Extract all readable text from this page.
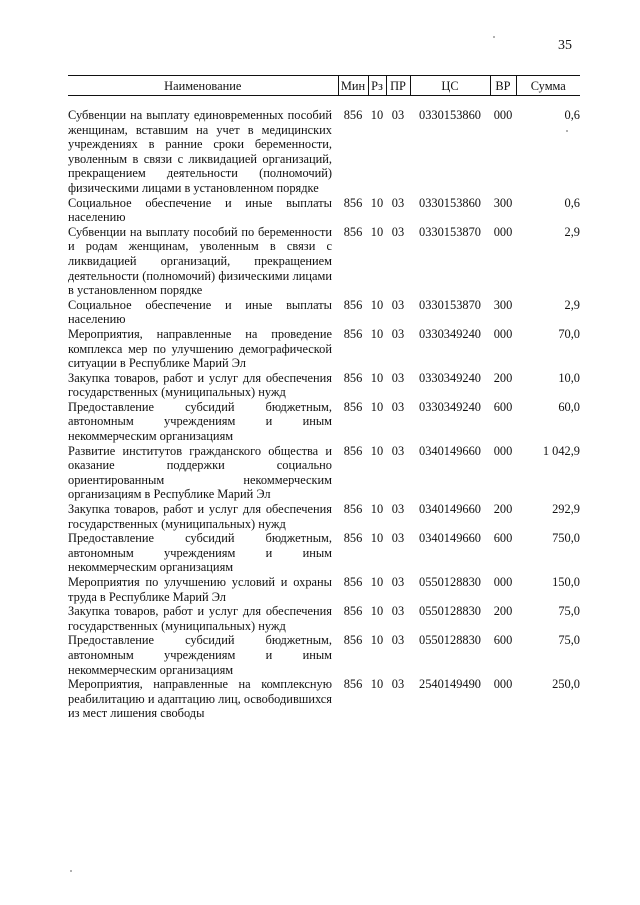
35
Наименование	Мин	Рз	ПР	ЦС	ВР	Сумма
Субвенции на выплату единовременных пособий женщинам, вставшим на учет в медицинских учреждениях в ранние сроки беременности, уволенным в связи с ликвидацией организаций, прекращением деятельности (полномочий) физическими лицами в установленном порядке	856	10	03	0330153860	000	0,6
Социальное обеспечение и иные выплаты населению	856	10	03	0330153860	300	0,6
Субвенции на выплату пособий по беременности и родам женщинам, уволенным в связи с ликвидацией организаций, прекращением деятельности (полномочий) физическими лицами в установленном порядке	856	10	03	0330153870	000	2,9
Социальное обеспечение и иные выплаты населению	856	10	03	0330153870	300	2,9
Мероприятия, направленные на проведение комплекса мер по улучшению демографической ситуации в Республике Марий Эл	856	10	03	0330349240	000	70,0
Закупка товаров, работ и услуг для обеспечения государственных (муниципальных) нужд	856	10	03	0330349240	200	10,0
Предоставление субсидий бюджетным, автономным учреждениям и иным некоммерческим организациям	856	10	03	0330349240	600	60,0
Развитие институтов гражданского общества и оказание поддержки социально ориентированным некоммерческим организациям в Республике Марий Эл	856	10	03	0340149660	000	1 042,9
Закупка товаров, работ и услуг для обеспечения государственных (муниципальных) нужд	856	10	03	0340149660	200	292,9
Предоставление субсидий бюджетным, автономным учреждениям и иным некоммерческим организациям	856	10	03	0340149660	600	750,0
Мероприятия по улучшению условий и охраны труда в Республике Марий Эл	856	10	03	0550128830	000	150,0
Закупка товаров, работ и услуг для обеспечения государственных (муниципальных) нужд	856	10	03	0550128830	200	75,0
Предоставление субсидий бюджетным, автономным учреждениям и иным некоммерческим организациям	856	10	03	0550128830	600	75,0
Мероприятия, направленные на комплексную реабилитацию и адаптацию лиц, освободившихся из мест лишения свободы	856	10	03	2540149490	000	250,0
